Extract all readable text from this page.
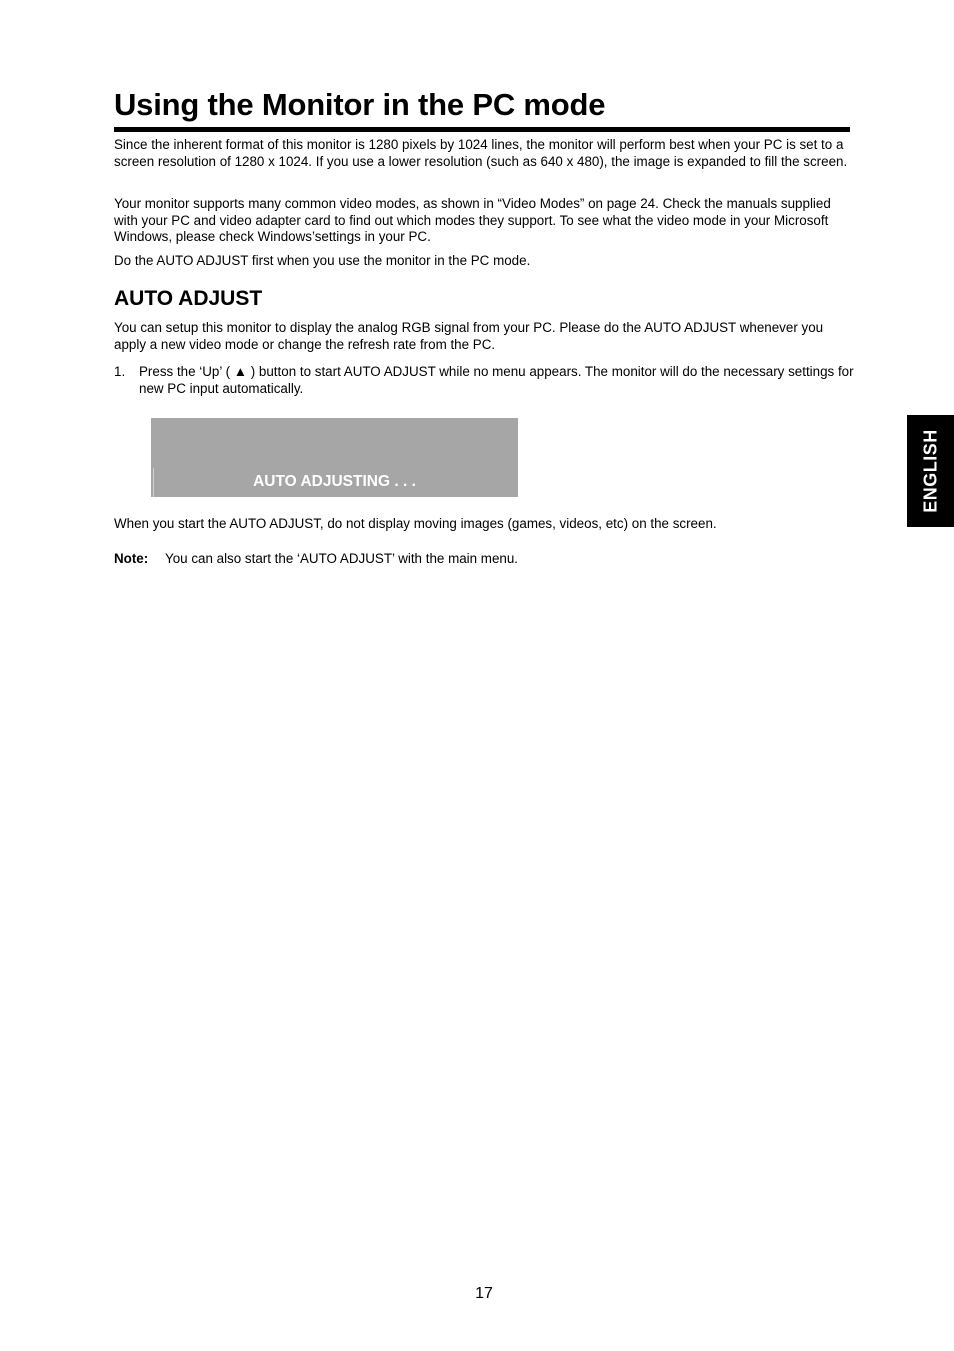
Using the Monitor in the PC mode

Since the inherent format of this monitor is 1280 pixels by 1024 lines, the monitor will perform best when your PC is set to a screen resolution of 1280 x 1024. If you use a lower resolution (such as 640 x 480), the image is expanded to fill the screen.

Your monitor supports many common video modes, as shown in “Video Modes” on page 24. Check the manuals supplied with your PC and video adapter card to find out which modes they support. To see what the video mode in your Microsoft Windows, please check Windows’settings in your PC.

Do the AUTO ADJUST first when you use the monitor in the PC mode.

AUTO ADJUST

You can setup this monitor to display the analog RGB signal from your PC. Please do the AUTO ADJUST whenever you apply a new video mode or change the refresh rate from the PC.

1. Press the ‘Up’ ( ▲ ) button to start AUTO ADJUST while no menu appears. The monitor will do the necessary settings for new PC input automatically.
AUTO ADJUSTING . . .

When you start the AUTO ADJUST, do not display moving images (games, videos, etc) on the screen.

Note: You can also start the ‘AUTO ADJUST’ with the main menu.
ENGLISH
17
